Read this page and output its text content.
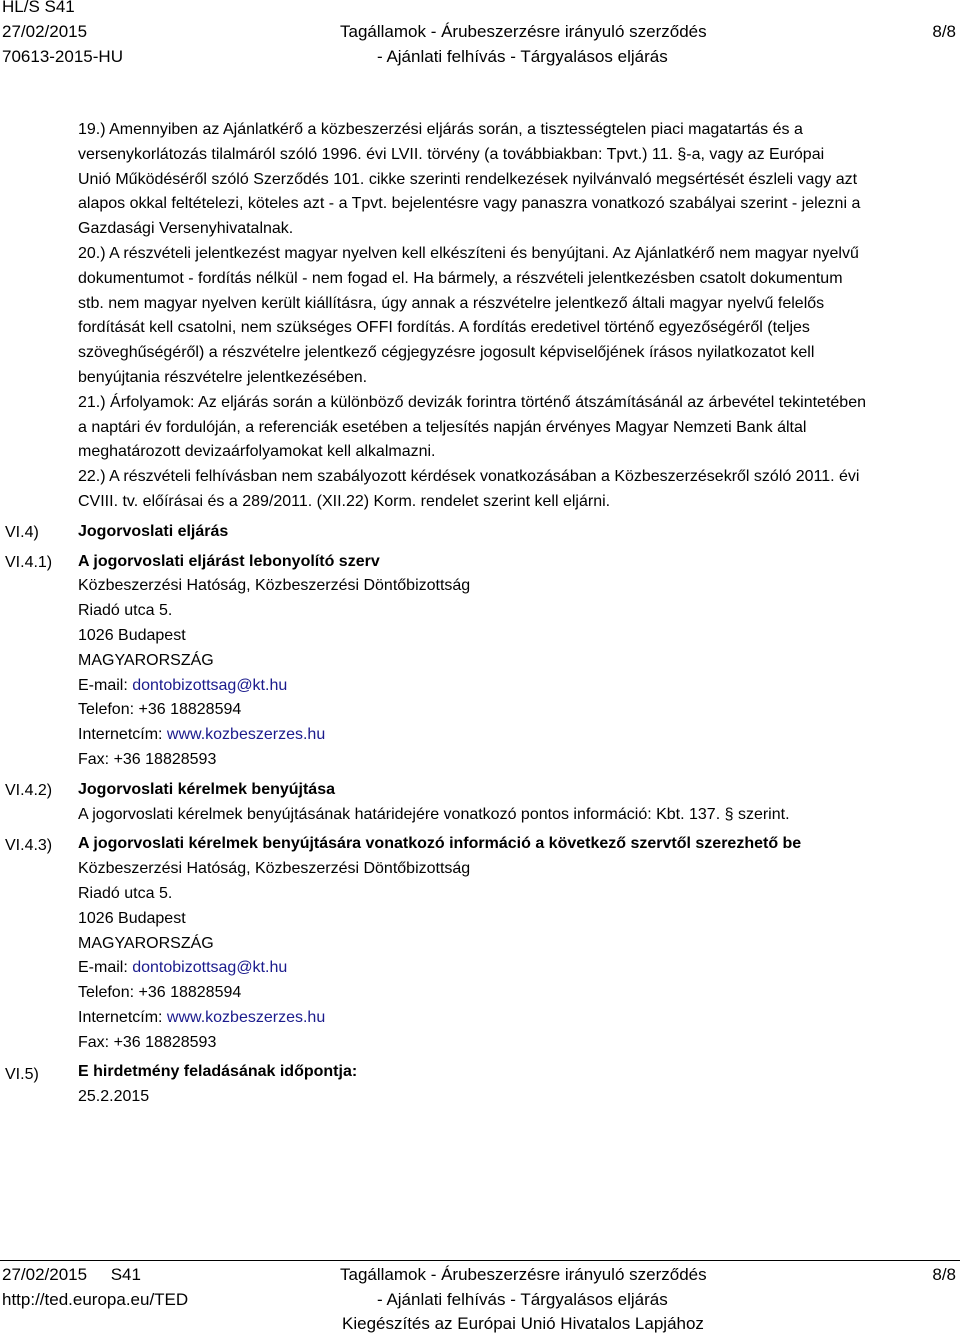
HL/S S41
27/02/2015
70613-2015-HU
Tagállamok - Árubeszerzésre irányuló szerződés
- Ajánlati felhívás - Tárgyalásos eljárás
8/8
VI.4)
VI.4.1)
VI.4.2)
VI.4.3)
VI.5)

19.) Amennyiben az Ajánlatkérő a közbeszerzési eljárás során, a tisztességtelen piaci magatartás és a

versenykorlátozás tilalmáról szóló 1996. évi LVII. törvény (a továbbiakban: Tpvt.) 11. §-a, vagy az Európai

Unió Működéséről szóló Szerződés 101. cikke szerinti rendelkezések nyilvánvaló megsértését észleli vagy azt

alapos okkal feltételezi, köteles azt - a Tpvt. bejelentésre vagy panaszra vonatkozó szabályai szerint - jelezni a

Gazdasági Versenyhivatalnak.

20.) A részvételi jelentkezést magyar nyelven kell elkészíteni és benyújtani. Az Ajánlatkérő nem magyar nyelvű

dokumentumot - fordítás nélkül - nem fogad el. Ha bármely, a részvételi jelentkezésben csatolt dokumentum

stb. nem magyar nyelven került kiállításra, úgy annak a részvételre jelentkező általi magyar nyelvű felelős

fordítását kell csatolni, nem szükséges OFFI fordítás. A fordítás eredetivel történő egyezőségéről (teljes

szöveghűségéről) a részvételre jelentkező cégjegyzésre jogosult képviselőjének írásos nyilatkozatot kell

benyújtania részvételre jelentkezésében.

21.) Árfolyamok: Az eljárás során a különböző devizák forintra történő átszámításánál az árbevétel tekintetében

a naptári év fordulóján, a referenciák esetében a teljesítés napján érvényes Magyar Nemzeti Bank által

meghatározott devizaárfolyamokat kell alkalmazni.

22.) A részvételi felhívásban nem szabályozott kérdések vonatkozásában a Közbeszerzésekről szóló 2011. évi

CVIII. tv. előírásai és a 289/2011. (XII.22) Korm. rendelet szerint kell eljárni.

Jogorvoslati eljárás

A jogorvoslati eljárást lebonyolító szerv

Közbeszerzési Hatóság, Közbeszerzési Döntőbizottság

Riadó utca 5.

1026 Budapest

MAGYARORSZÁG

E-mail: dontobizottsag@kt.hu

Telefon: +36 18828594

Internetcím: www.kozbeszerzes.hu

Fax: +36 18828593

Jogorvoslati kérelmek benyújtása

A jogorvoslati kérelmek benyújtásának határidejére vonatkozó pontos információ: Kbt. 137. § szerint.

A jogorvoslati kérelmek benyújtására vonatkozó információ a következő szervtől szerezhető be

Közbeszerzési Hatóság, Közbeszerzési Döntőbizottság

Riadó utca 5.

1026 Budapest

MAGYARORSZÁG

E-mail: dontobizottsag@kt.hu

Telefon: +36 18828594

Internetcím: www.kozbeszerzes.hu

Fax: +36 18828593

E hirdetmény feladásának időpontja:

25.2.2015

27/02/2015     S41
http://ted.europa.eu/TED
Tagállamok - Árubeszerzésre irányuló szerződés
- Ajánlati felhívás - Tárgyalásos eljárás
Kiegészítés az Európai Unió Hivatalos Lapjához
8/8
